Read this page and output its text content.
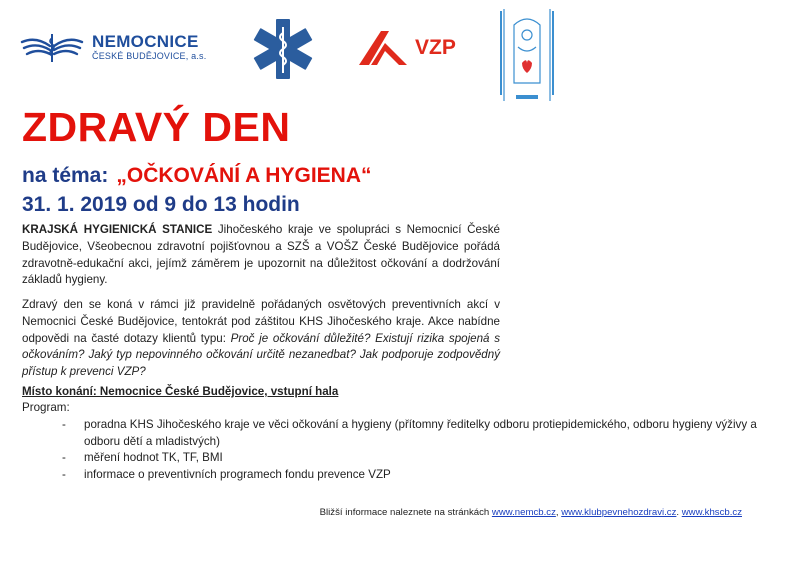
NEMOCNICE
ČESKÉ BUDĚJOVICE, a.s.	VZP
ZDRAVÝ DEN
na téma: „OČKOVÁNÍ A HYGIENA“
31. 1. 2019 od 9 do 13 hodin
KRAJSKÁ HYGIENICKÁ STANICE Jihočeského kraje ve spolupráci s Nemocnicí České Budějovice, Všeobecnou zdravotní pojišťovnou a SZŠ a VOŠZ České Budějovice pořádá zdravotně-edukační akci, jejímž záměrem je upozornit na důležitost očkování a dodržování základů hygieny.
Zdravý den se koná v rámci již pravidelně pořádaných osvětových preventivních akcí v Nemocnici České Budějovice, tentokrát pod záštitou KHS Jihočeského kraje. Akce nabídne odpovědi na časté dotazy klientů typu: Proč je očkování důležité? Existují rizika spojená s očkováním? Jaký typ nepovinného očkování určitě nezanedbat? Jak podporuje zodpovědný přístup k prevenci VZP?
Místo konání: Nemocnice České Budějovice, vstupní hala
Program:
-	poradna KHS Jihočeského kraje ve věci očkování a hygieny (přítomny ředitelky odboru protiepidemického, odboru hygieny výživy a odboru dětí a mladistvých)
-	měření hodnot TK, TF, BMI
-	informace o preventivních programech fondu prevence VZP
Bližší informace naleznete na stránkách www.nemcb.cz, www.klubpevnehozdravi.cz. www.khscb.cz
